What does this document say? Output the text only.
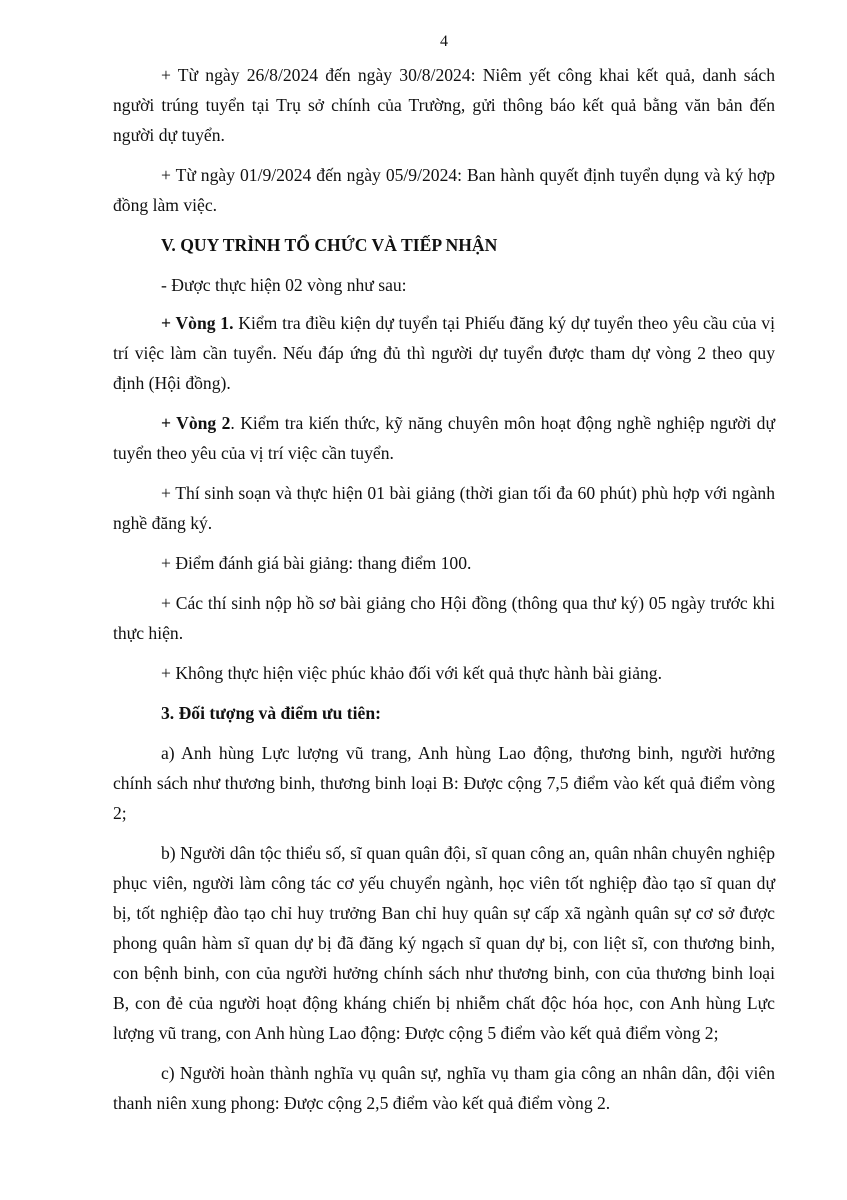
4

+ Từ ngày 26/8/2024 đến ngày 30/8/2024: Niêm yết công khai kết quả, danh sách người trúng tuyển tại Trụ sở chính của Trường, gửi thông báo kết quả bằng văn bản đến người dự tuyển.

+ Từ ngày 01/9/2024 đến ngày 05/9/2024: Ban hành quyết định tuyển dụng và ký hợp đồng làm việc.

V. QUY TRÌNH TỔ CHỨC VÀ TIẾP NHẬN

- Được thực hiện 02 vòng như sau:

+ Vòng 1. Kiểm tra điều kiện dự tuyển tại Phiếu đăng ký dự tuyển theo yêu cầu của vị trí việc làm cần tuyển. Nếu đáp ứng đủ thì người dự tuyển được tham dự vòng 2 theo quy định (Hội đồng).

+ Vòng 2. Kiểm tra kiến thức, kỹ năng chuyên môn hoạt động nghề nghiệp người dự tuyển theo yêu của vị trí việc cần tuyển.

+ Thí sinh soạn và thực hiện 01 bài giảng (thời gian tối đa 60 phút) phù hợp với ngành nghề đăng ký.

+ Điểm đánh giá bài giảng: thang điểm 100.

+ Các thí sinh nộp hồ sơ bài giảng cho Hội đồng (thông qua thư ký) 05 ngày trước khi thực hiện.

+ Không thực hiện việc phúc khảo đối với kết quả thực hành bài giảng.

3. Đối tượng và điểm ưu tiên:

a) Anh hùng Lực lượng vũ trang, Anh hùng Lao động, thương binh, người hưởng chính sách như thương binh, thương binh loại B: Được cộng 7,5 điểm vào kết quả điểm vòng 2;

b) Người dân tộc thiểu số, sĩ quan quân đội, sĩ quan công an, quân nhân chuyên nghiệp phục viên, người làm công tác cơ yếu chuyển ngành, học viên tốt nghiệp đào tạo sĩ quan dự bị, tốt nghiệp đào tạo chỉ huy trưởng Ban chỉ huy quân sự cấp xã ngành quân sự cơ sở được phong quân hàm sĩ quan dự bị đã đăng ký ngạch sĩ quan dự bị, con liệt sĩ, con thương binh, con bệnh binh, con của người hưởng chính sách như thương binh, con của thương binh loại B, con đẻ của người hoạt động kháng chiến bị nhiễm chất độc hóa học, con Anh hùng Lực lượng vũ trang, con Anh hùng Lao động: Được cộng 5 điểm vào kết quả điểm vòng 2;

c) Người hoàn thành nghĩa vụ quân sự, nghĩa vụ tham gia công an nhân dân, đội viên thanh niên xung phong: Được cộng 2,5 điểm vào kết quả điểm vòng 2.
